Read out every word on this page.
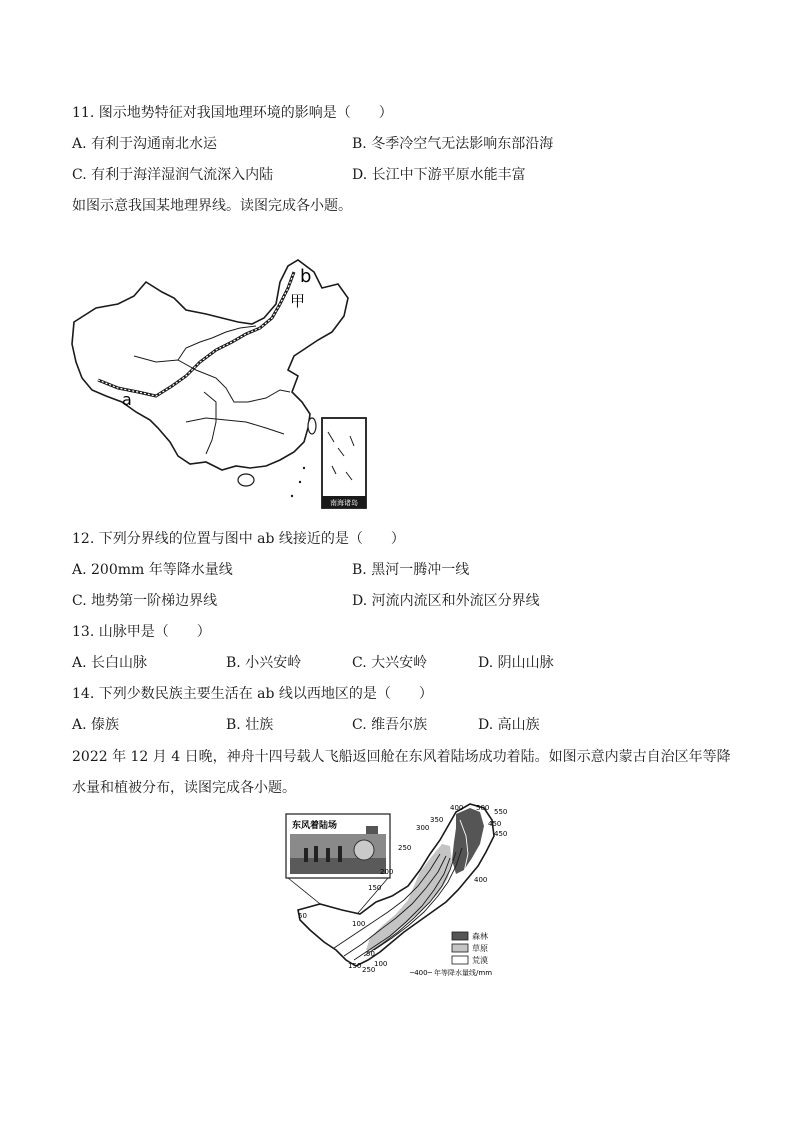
11. 图示地势特征对我国地理环境的影响是（　　）
A. 有利于沟通南北水运	B. 冬季冷空气无法影响东部沿海
C. 有利于海洋湿润气流深入内陆	D. 长江中下游平原水能丰富
如图示意我国某地理界线。读图完成各小题。
a
b
甲
南海诸岛
12. 下列分界线的位置与图中 ab 线接近的是（　　）
A. 200mm 年等降水量线	B. 黑河一腾冲一线
C. 地势第一阶梯边界线	D. 河流内流区和外流区分界线
13. 山脉甲是（　　）
A. 长白山脉	B. 小兴安岭	C. 大兴安岭	D. 阴山山脉
14. 下列少数民族主要生活在 ab 线以西地区的是（　　）
A. 傣族	B. 壮族	C. 维吾尔族	D. 高山族
2022 年 12 月 4 日晚，神舟十四号载人飞船返回舱在东风着陆场成功着陆。如图示意内蒙古自治区年等降
水量和植被分布，读图完成各小题。
东风着陆场
50
100
150
200
250
300
350
400
450
500 550
150 250
100
50
400
450
森林
草原
荒漠
─400─ 年等降水量线/mm
